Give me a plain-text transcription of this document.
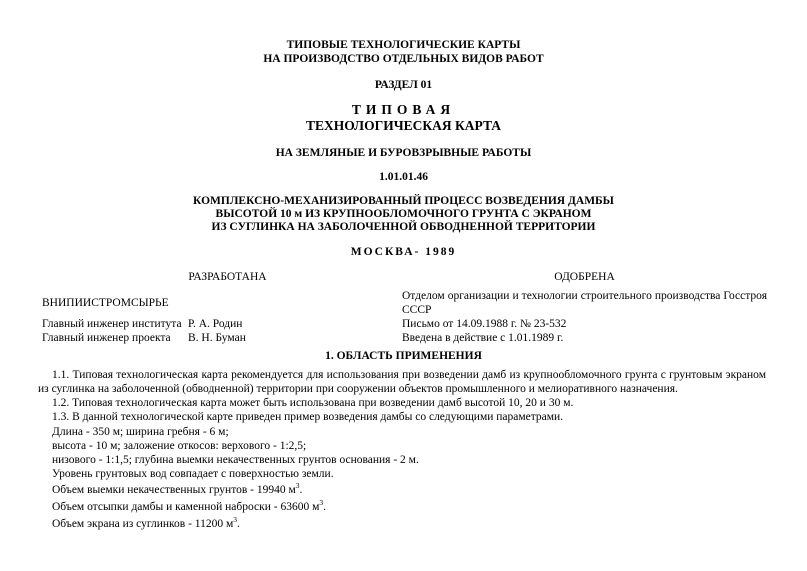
ТИПОВЫЕ ТЕХНОЛОГИЧЕСКИЕ КАРТЫ
НА ПРОИЗВОДСТВО ОТДЕЛЬНЫХ ВИДОВ РАБОТ
РАЗДЕЛ 01
ТИПОВАЯ
ТЕХНОЛОГИЧЕСКАЯ КАРТА
НА ЗЕМЛЯНЫЕ И БУРОВЗРЫВНЫЕ РАБОТЫ
1.01.01.46
КОМПЛЕКСНО-МЕХАНИЗИРОВАННЫЙ ПРОЦЕСС ВОЗВЕДЕНИЯ ДАМБЫ
ВЫСОТОЙ 10 м ИЗ КРУПНООБЛОМОЧНОГО ГРУНТА С ЭКРАНОМ
ИЗ СУГЛИНКА НА ЗАБОЛОЧЕННОЙ ОБВОДНЕННОЙ ТЕРРИТОРИИ
МОСКВА- 1989
РАЗРАБОТАНА
ВНИПИИСТРОМСЫРЬЕ
Главный инженер института Р. А. Родин
Главный инженер проекта	В. Н. Буман
ОДОБРЕНА
Отделом организации и технологии строительного производства Госстроя СССР
Письмо от 14.09.1988 г. № 23-532
Введена в действие с 1.01.1989 г.
1. ОБЛАСТЬ ПРИМЕНЕНИЯ
1.1. Типовая технологическая карта рекомендуется для использования при возведении дамб из крупнообломочного грунта с грунтовым экраном из суглинка на заболоченной (обводненной) территории при сооружении объектов промышленного и мелиоративного назначения.
1.2. Типовая технологическая карта может быть использована при возведении дамб высотой 10, 20 и 30 м.
1.3. В данной технологической карте приведен пример возведения дамбы со следующими параметрами.
Длина - 350 м; ширина гребня - 6 м;
высота - 10 м; заложение откосов: верхового - 1:2,5;
низового - 1:1,5; глубина выемки некачественных грунтов основания - 2 м.
Уровень грунтовых вод совпадает с поверхностью земли.
Объем выемки некачественных грунтов - 19940 $м^3$.
Объем отсыпки дамбы и каменной наброски - 63600 $м^3$.
Объем экрана из суглинков - 11200 $м^3$.
